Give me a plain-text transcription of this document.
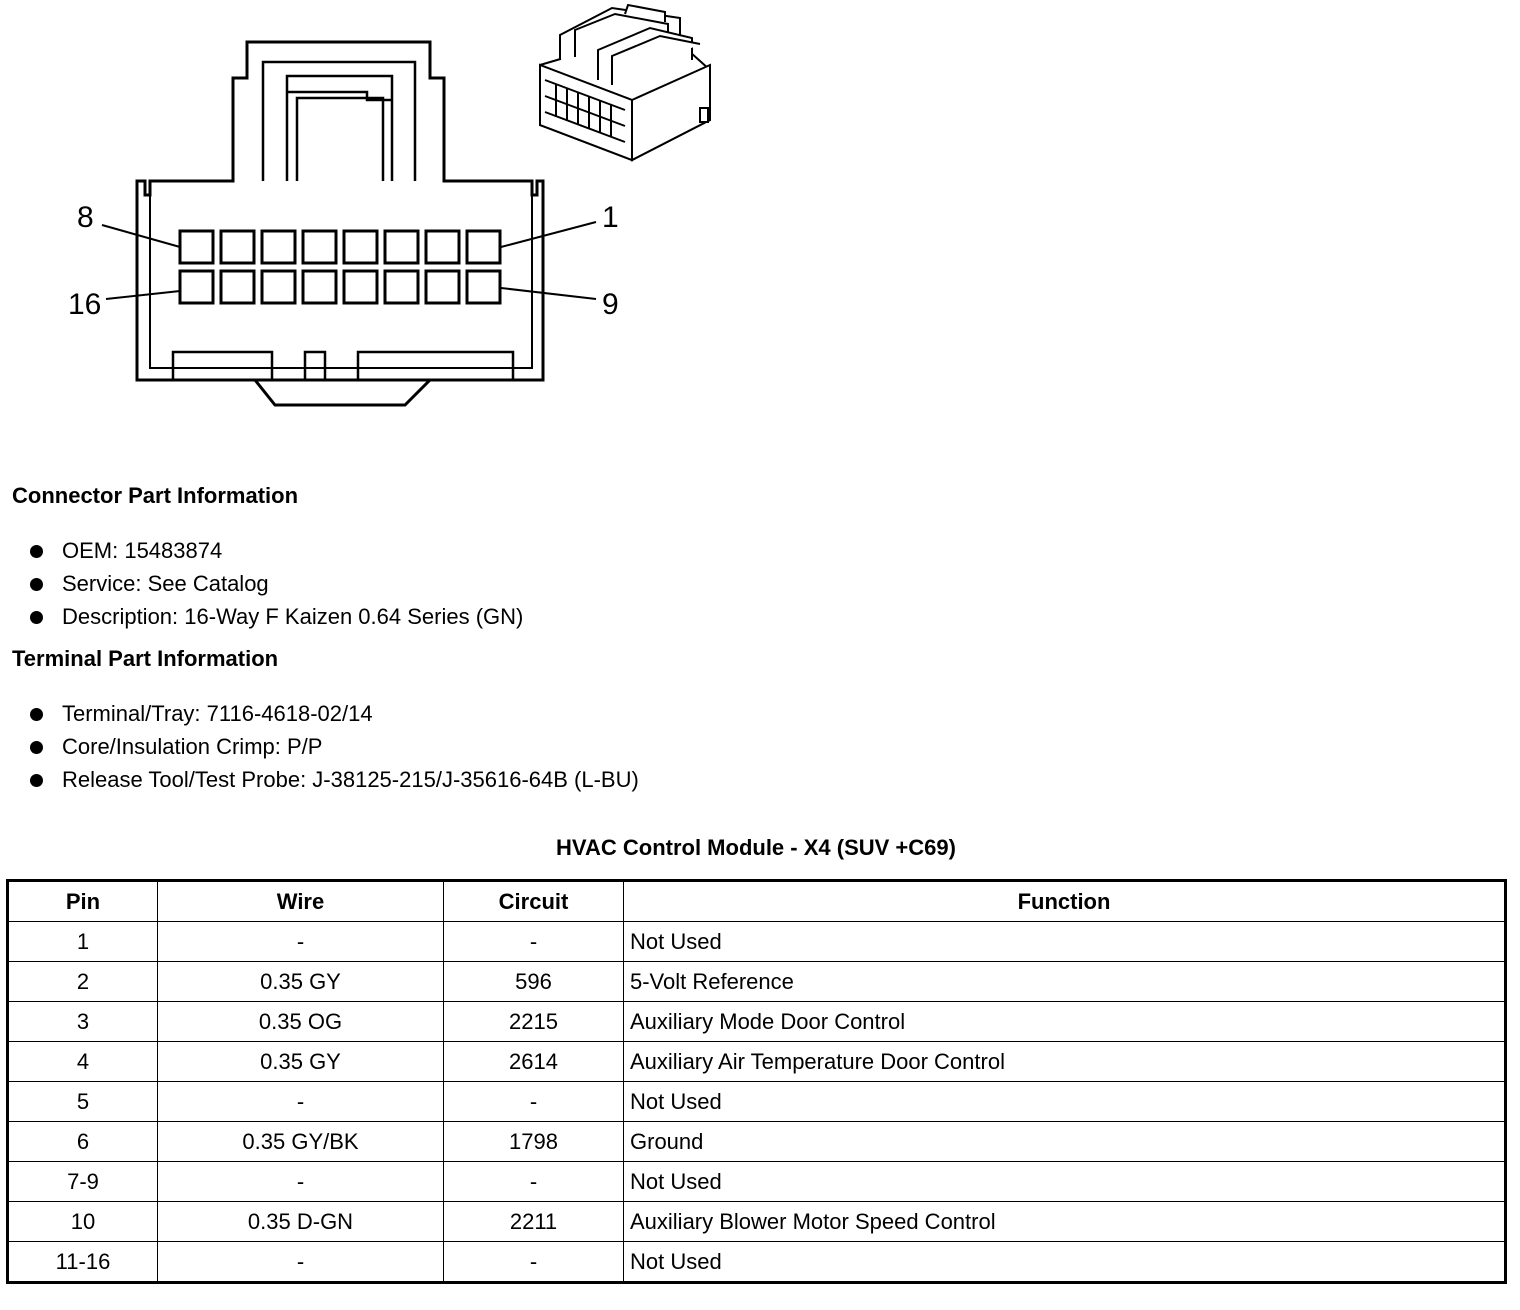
8	1
16	9
Connector Part Information
OEM: 15483874
Service: See Catalog
Description: 16-Way F Kaizen 0.64 Series (GN)
Terminal Part Information
Terminal/Tray: 7116-4618-02/14
Core/Insulation Crimp: P/P
Release Tool/Test Probe: J-38125-215/J-35616-64B (L-BU)
HVAC Control Module - X4 (SUV +C69)
Pin	Wire	Circuit	Function
1	-	-	Not Used
2	0.35 GY	596	5-Volt Reference
3	0.35 OG	2215	Auxiliary Mode Door Control
4	0.35 GY	2614	Auxiliary Air Temperature Door Control
5	-	-	Not Used
6	0.35 GY/BK	1798	Ground
7-9	-	-	Not Used
10	0.35 D-GN	2211	Auxiliary Blower Motor Speed Control
11-16	-	-	Not Used
